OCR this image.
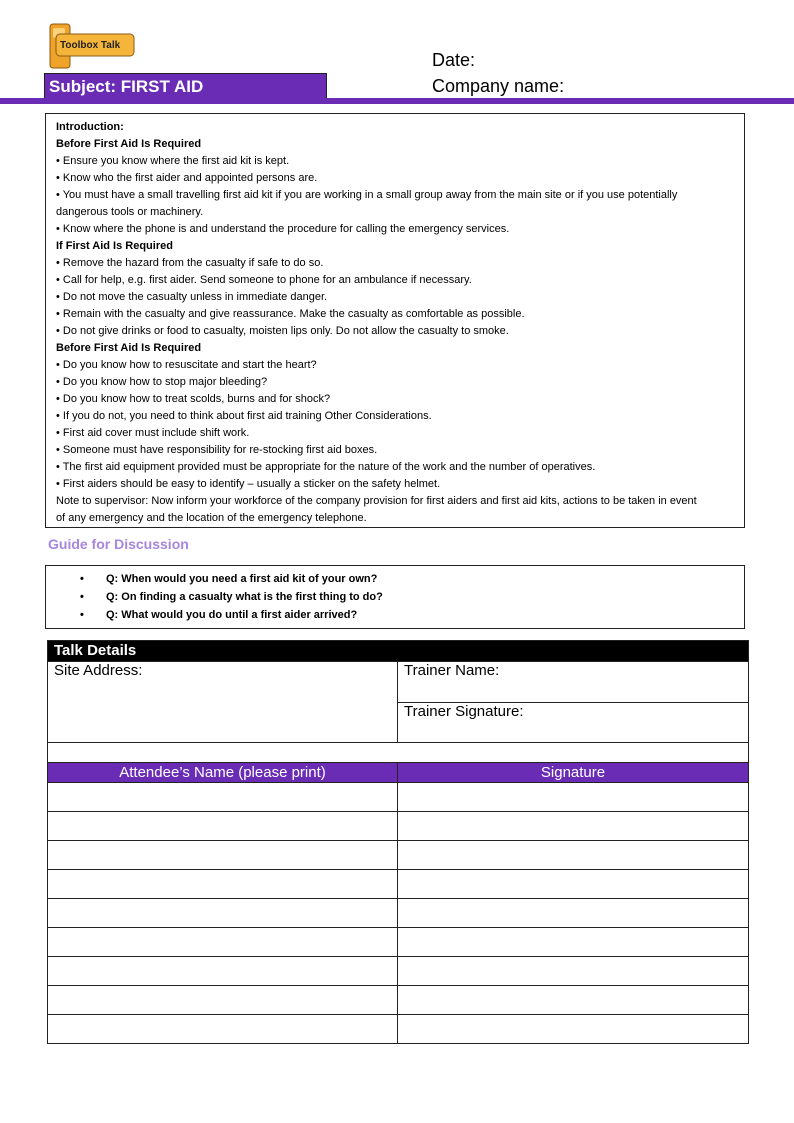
Toolbox Talk
Subject: FIRST AID
Date:
Company name:
Introduction:
Before First Aid Is Required
• Ensure you know where the first aid kit is kept.
• Know who the first aider and appointed persons are.
• You must have a small travelling first aid kit if you are working in a small group away from the main site or if you use potentially
dangerous tools or machinery.
• Know where the phone is and understand the procedure for calling the emergency services.
If First Aid Is Required
• Remove the hazard from the casualty if safe to do so.
• Call for help, e.g. first aider. Send someone to phone for an ambulance if necessary.
• Do not move the casualty unless in immediate danger.
• Remain with the casualty and give reassurance. Make the casualty as comfortable as possible.
• Do not give drinks or food to casualty, moisten lips only. Do not allow the casualty to smoke.
Before First Aid Is Required
• Do you know how to resuscitate and start the heart?
• Do you know how to stop major bleeding?
• Do you know how to treat scolds, burns and for shock?
• If you do not, you need to think about first aid training Other Considerations.
• First aid cover must include shift work.
• Someone must have responsibility for re-stocking first aid boxes.
• The first aid equipment provided must be appropriate for the nature of the work and the number of operatives.
• First aiders should be easy to identify – usually a sticker on the safety helmet.
Note to supervisor: Now inform your workforce of the company provision for first aiders and first aid kits, actions to be taken in event
of any emergency and the location of the emergency telephone.
Guide for Discussion
• Q: When would you need a first aid kit of your own?
• Q: On finding a casualty what is the first thing to do?
• Q: What would you do until a first aider arrived?
Talk Details
Site Address:	Trainer Name:
Trainer Signature:

Attendee’s Name (please print)	Signature
